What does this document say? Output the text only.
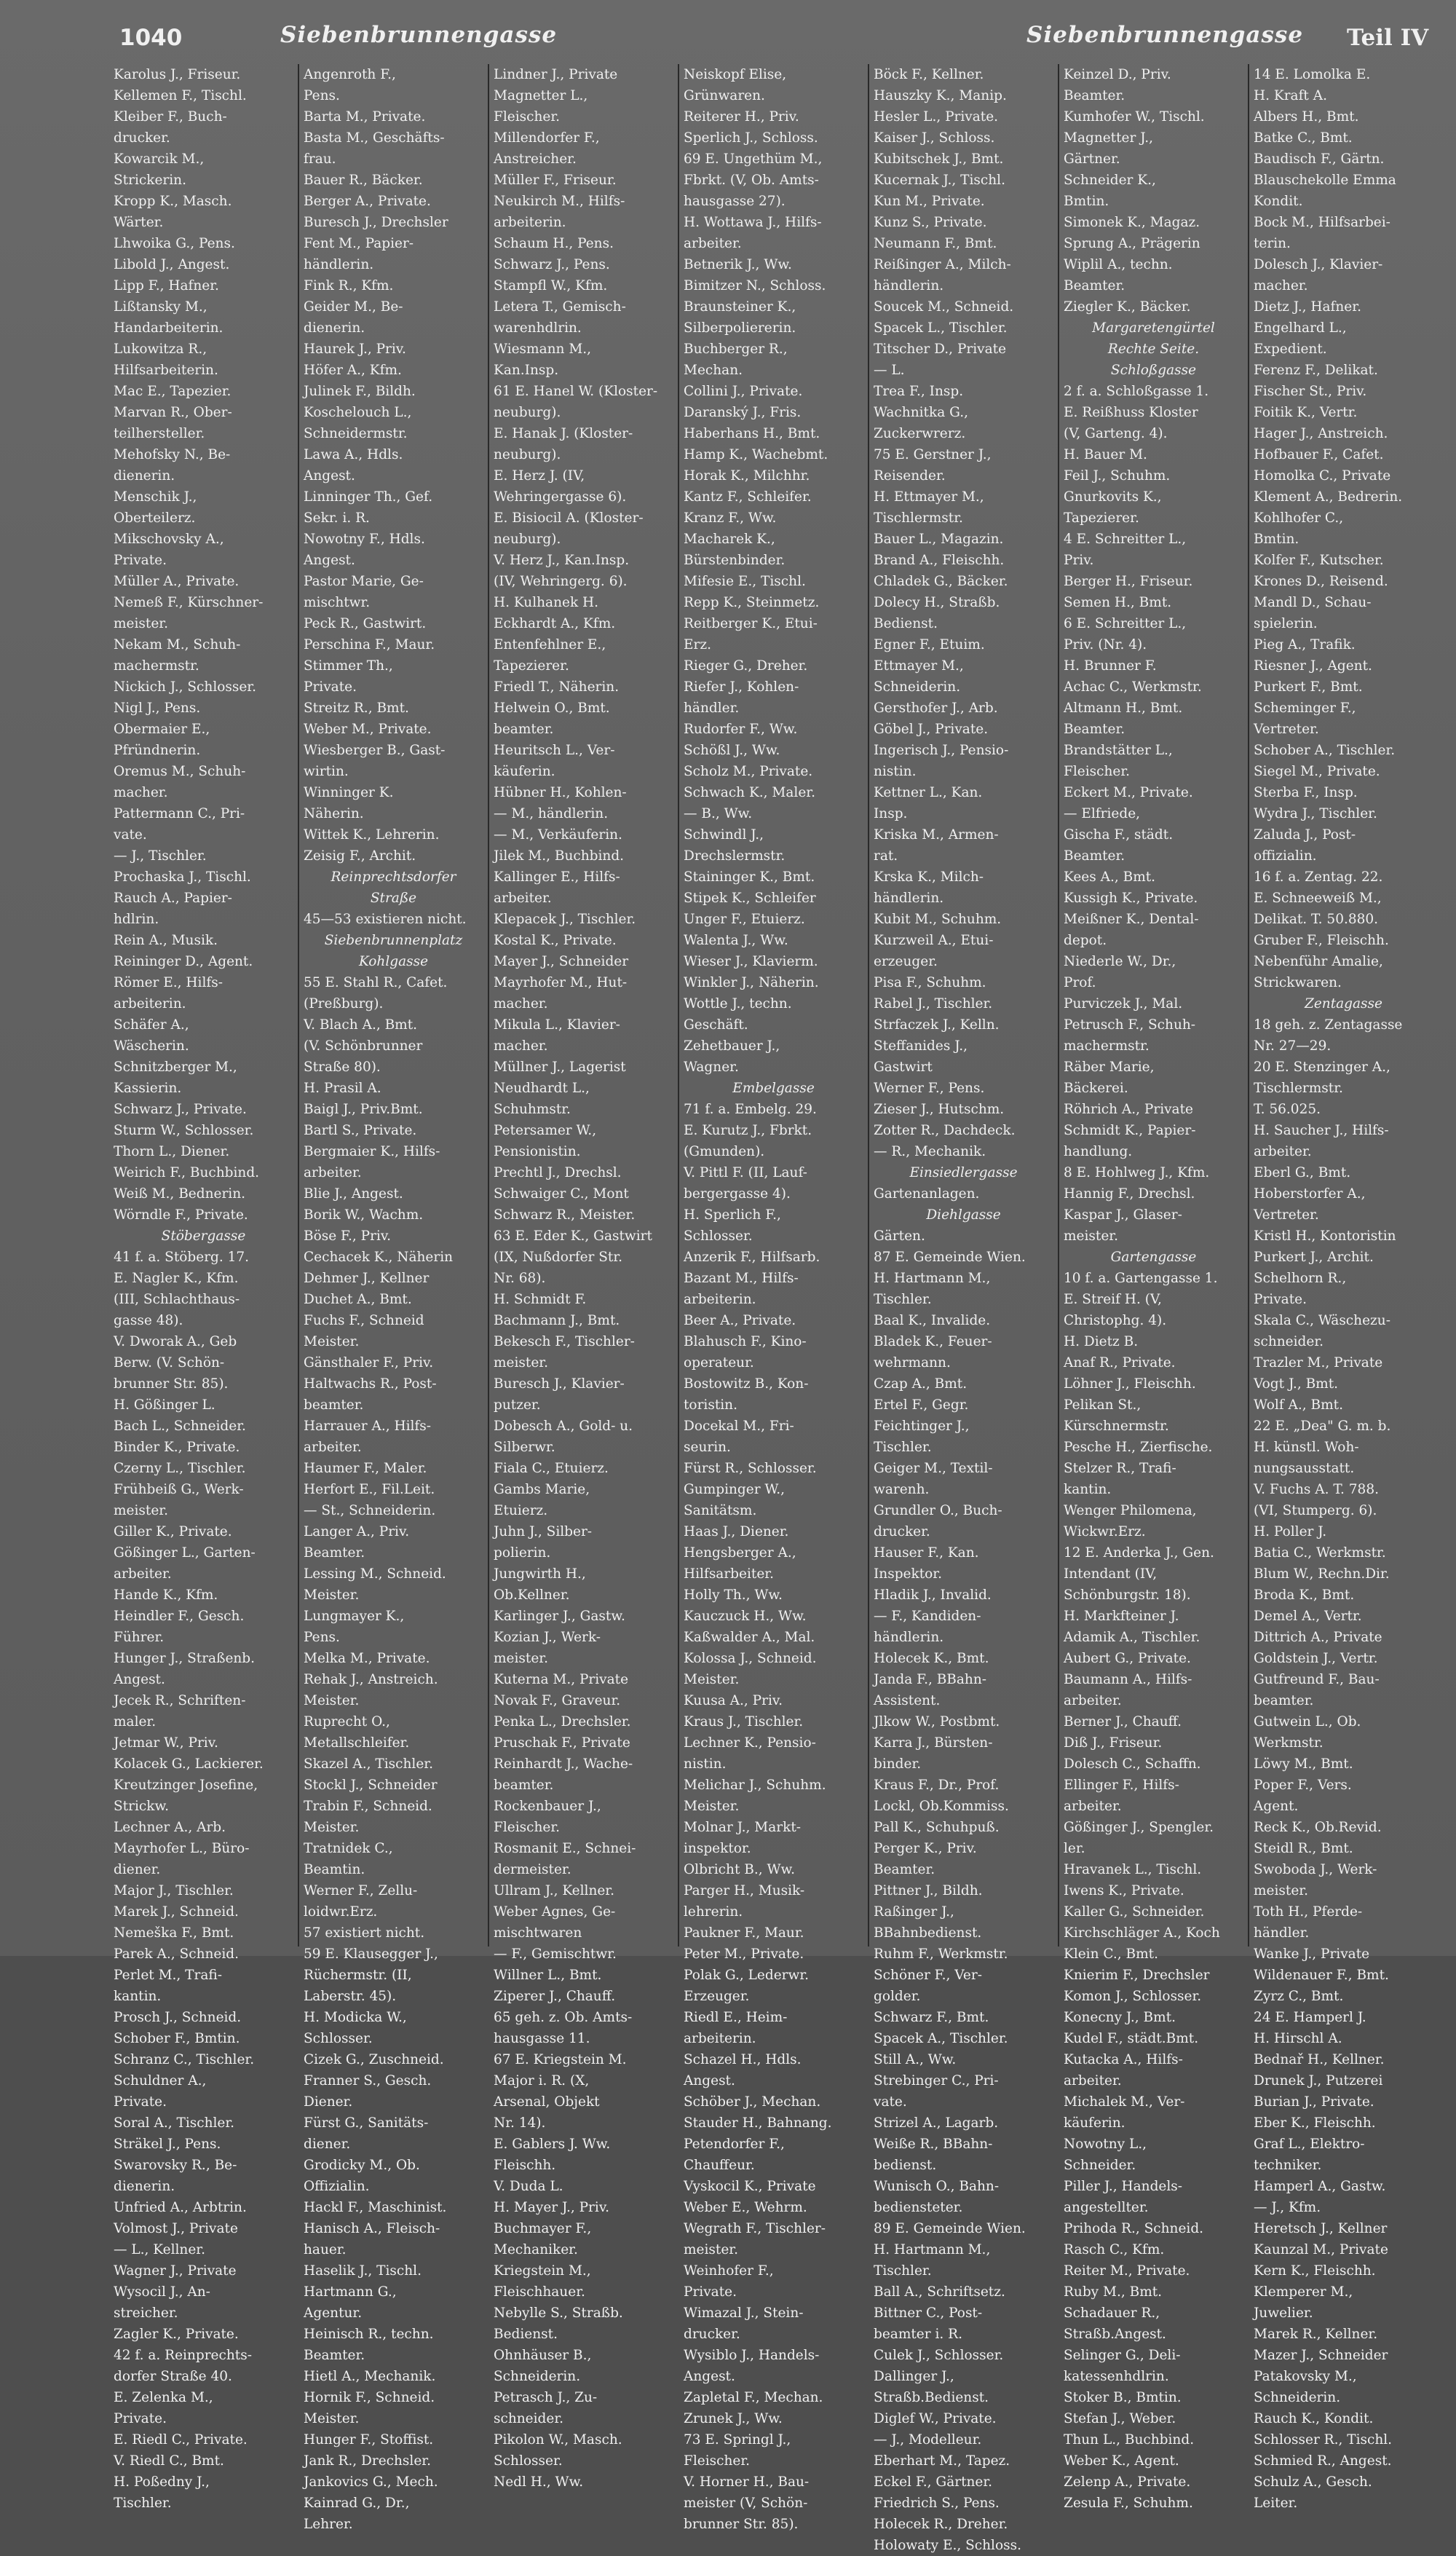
1040	Siebenbrunnengasse	Siebenbrunnengasse Teil IV
Karolus J., Friseur.
Kellemen F., Tischl.
Kleiber F., Buch-
drucker.
Kowarcik M.,
Strickerin.
Kropp K., Masch.
Wärter.
Lhwoika G., Pens.
Libold J., Angest.
Lipp F., Hafner.
Lißtansky M.,
Handarbeiterin.
Lukowitza R.,
Hilfsarbeiterin.
Mac E., Tapezier.
Marvan R., Ober-
teilhersteller.
Mehofsky N., Be-
dienerin.
Menschik J.,
Oberteilerz.
Mikschovsky A.,
Private.
Müller A., Private.
Nemeß F., Kürschner-
meister.
Nekam M., Schuh-
machermstr.
Nickich J., Schlosser.
Nigl J., Pens.
Obermaier E.,
Pfründnerin.
Oremus M., Schuh-
macher.
Pattermann C., Pri-
vate.
— J., Tischler.
Prochaska J., Tischl.
Rauch A., Papier-
hdlrin.
Rein A., Musik.
Reininger D., Agent.
Römer E., Hilfs-
arbeiterin.
Schäfer A.,
Wäscherin.
Schnitzberger M.,
Kassierin.
Schwarz J., Private.
Sturm W., Schlosser.
Thorn L., Diener.
Weirich F., Buchbind.
Weiß M., Bednerin.
Wörndle F., Private.
Stöbergasse
41 f. a. Stöberg. 17.
E. Nagler K., Kfm.
(III, Schlachthaus-
gasse 48).
V. Dworak A., Geb
Berw. (V. Schön-
brunner Str. 85).
H. Gößinger L.
Bach L., Schneider.
Binder K., Private.
Czerny L., Tischler.
Frühbeiß G., Werk-
meister.
Giller K., Private.
Gößinger L., Garten-
arbeiter.
Hande K., Kfm.
Heindler F., Gesch.
Führer.
Hunger J., Straßenb.
Angest.
Jecek R., Schriften-
maler.
Jetmar W., Priv.
Kolacek G., Lackierer.
Kreutzinger Josefine,
Strickw.
Lechner A., Arb.
Mayrhofer L., Büro-
diener.
Major J., Tischler.
Marek J., Schneid.
Nemeška F., Bmt.
Parek A., Schneid.
Perlet M., Trafi-
kantin.
Prosch J., Schneid.
Schober F., Bmtin.
Schranz C., Tischler.
Schuldner A.,
Private.
Soral A., Tischler.
Sträkel J., Pens.
Swarovsky R., Be-
dienerin.
Unfried A., Arbtrin.
Volmost J., Private
— L., Kellner.
Wagner J., Private
Wysocil J., An-
streicher.
Zagler K., Private.
42 f. a. Reinprechts-
dorfer Straße 40.
E. Zelenka M.,
Private.
E. Riedl C., Private.
V. Riedl C., Bmt.
H. Poßedny J.,
Tischler.
Angenroth F.,
Pens.
Barta M., Private.
Basta M., Geschäfts-
frau.
Bauer R., Bäcker.
Berger A., Private.
Buresch J., Drechsler
Fent M., Papier-
händlerin.
Fink R., Kfm.
Geider M., Be-
dienerin.
Haurek J., Priv.
Höfer A., Kfm.
Julinek F., Bildh.
Koschelouch L.,
Schneidermstr.
Lawa A., Hdls.
Angest.
Linninger Th., Gef.
Sekr. i. R.
Nowotny F., Hdls.
Angest.
Pastor Marie, Ge-
mischtwr.
Peck R., Gastwirt.
Perschina F., Maur.
Stimmer Th.,
Private.
Streitz R., Bmt.
Weber M., Private.
Wiesberger B., Gast-
wirtin.
Winninger K.
Näherin.
Wittek K., Lehrerin.
Zeisig F., Archit.
Reinprechtsdorfer
Straße
45—53 existieren nicht.
Siebenbrunnenplatz
Kohlgasse
55 E. Stahl R., Cafet.
(Preßburg).
V. Blach A., Bmt.
(V. Schönbrunner
Straße 80).
H. Prasil A.
Baigl J., Priv.Bmt.
Bartl S., Private.
Bergmaier K., Hilfs-
arbeiter.
Blie J., Angest.
Borik W., Wachm.
Böse F., Priv.
Cechacek K., Näherin
Dehmer J., Kellner
Duchet A., Bmt.
Fuchs F., Schneid
Meister.
Gänsthaler F., Priv.
Haltwachs R., Post-
beamter.
Harrauer A., Hilfs-
arbeiter.
Haumer F., Maler.
Herfort E., Fil.Leit.
— St., Schneiderin.
Langer A., Priv.
Beamter.
Lessing M., Schneid.
Meister.
Lungmayer K.,
Pens.
Melka M., Private.
Rehak J., Anstreich.
Meister.
Ruprecht O.,
Metallschleifer.
Skazel A., Tischler.
Stockl J., Schneider
Trabin F., Schneid.
Meister.
Tratnidek C.,
Beamtin.
Werner F., Zellu-
loidwr.Erz.
57 existiert nicht.
59 E. Klausegger J.,
Rüchermstr. (II,
Laberstr. 45).
H. Modicka W.,
Schlosser.
Cizek G., Zuschneid.
Franner S., Gesch.
Diener.
Fürst G., Sanitäts-
diener.
Grodicky M., Ob.
Offizialin.
Hackl F., Maschinist.
Hanisch A., Fleisch-
hauer.
Haselik J., Tischl.
Hartmann G.,
Agentur.
Heinisch R., techn.
Beamter.
Hietl A., Mechanik.
Hornik F., Schneid.
Meister.
Hunger F., Stoffist.
Jank R., Drechsler.
Jankovics G., Mech.
Kainrad G., Dr.,
Lehrer.
Lindner J., Private
Magnetter L.,
Fleischer.
Millendorfer F.,
Anstreicher.
Müller F., Friseur.
Neukirch M., Hilfs-
arbeiterin.
Schaum H., Pens.
Schwarz J., Pens.
Stampfl W., Kfm.
Letera T., Gemisch-
warenhdlrin.
Wiesmann M.,
Kan.Insp.
61 E. Hanel W. (Kloster-
neuburg).
E. Hanak J. (Kloster-
neuburg).
E. Herz J. (IV,
Wehringergasse 6).
E. Bisiocil A. (Kloster-
neuburg).
V. Herz J., Kan.Insp.
(IV, Wehringerg. 6).
H. Kulhanek H.
Eckhardt A., Kfm.
Entenfehlner E.,
Tapezierer.
Friedl T., Näherin.
Helwein O., Bmt.
beamter.
Heuritsch L., Ver-
käuferin.
Hübner H., Kohlen-
— M., händlerin.
— M., Verkäuferin.
Jilek M., Buchbind.
Kallinger E., Hilfs-
arbeiter.
Klepacek J., Tischler.
Kostal K., Private.
Mayer J., Schneider
Mayrhofer M., Hut-
macher.
Mikula L., Klavier-
macher.
Müllner J., Lagerist
Neudhardt L.,
Schuhmstr.
Petersamer W.,
Pensionistin.
Prechtl J., Drechsl.
Schwaiger C., Mont
Schwarz R., Meister.
63 E. Eder K., Gastwirt
(IX, Nußdorfer Str.
Nr. 68).
H. Schmidt F.
Bachmann J., Bmt.
Bekesch F., Tischler-
meister.
Buresch J., Klavier-
putzer.
Dobesch A., Gold- u.
Silberwr.
Fiala C., Etuierz.
Gambs Marie,
Etuierz.
Juhn J., Silber-
polierin.
Jungwirth H.,
Ob.Kellner.
Karlinger J., Gastw.
Kozian J., Werk-
meister.
Kuterna M., Private
Novak F., Graveur.
Penka L., Drechsler.
Pruschak F., Private
Reinhardt J., Wache-
beamter.
Rockenbauer J.,
Fleischer.
Rosmanit E., Schnei-
dermeister.
Ullram J., Kellner.
Weber Agnes, Ge-
mischtwaren
— F., Gemischtwr.
Willner L., Bmt.
Ziperer J., Chauff.
65 geh. z. Ob. Amts-
hausgasse 11.
67 E. Kriegstein M.
Major i. R. (X,
Arsenal, Objekt
Nr. 14).
E. Gablers J. Ww.
Fleischh.
V. Duda L.
H. Mayer J., Priv.
Buchmayer F.,
Mechaniker.
Kriegstein M.,
Fleischhauer.
Nebylle S., Straßb.
Bedienst.
Ohnhäuser B.,
Schneiderin.
Petrasch J., Zu-
schneider.
Pikolon W., Masch.
Schlosser.
Nedl H., Ww.
Neiskopf Elise,
Grünwaren.
Reiterer H., Priv.
Sperlich J., Schloss.
69 E. Ungethüm M.,
Fbrkt. (V, Ob. Amts-
hausgasse 27).
H. Wottawa J., Hilfs-
arbeiter.
Betnerik J., Ww.
Bimitzer N., Schloss.
Braunsteiner K.,
Silberpoliererin.
Buchberger R.,
Mechan.
Collini J., Private.
Daranský J., Fris.
Haberhans H., Bmt.
Hamp K., Wachebmt.
Horak K., Milchhr.
Kantz F., Schleifer.
Kranz F., Ww.
Macharek K.,
Bürstenbinder.
Mifesie E., Tischl.
Repp K., Steinmetz.
Reitberger K., Etui-
Erz.
Rieger G., Dreher.
Riefer J., Kohlen-
händler.
Rudorfer F., Ww.
Schößl J., Ww.
Scholz M., Private.
Schwach K., Maler.
— B., Ww.
Schwindl J.,
Drechslermstr.
Staininger K., Bmt.
Stipek K., Schleifer
Unger F., Etuierz.
Walenta J., Ww.
Wieser J., Klavierm.
Winkler J., Näherin.
Wottle J., techn.
Geschäft.
Zehetbauer J.,
Wagner.
Embelgasse
71 f. a. Embelg. 29.
E. Kurutz J., Fbrkt.
(Gmunden).
V. Pittl F. (II, Lauf-
bergergasse 4).
H. Sperlich F.,
Schlosser.
Anzerik F., Hilfsarb.
Bazant M., Hilfs-
arbeiterin.
Beer A., Private.
Blahusch F., Kino-
operateur.
Bostowitz B., Kon-
toristin.
Docekal M., Fri-
seurin.
Fürst R., Schlosser.
Gumpinger W.,
Sanitätsm.
Haas J., Diener.
Hengsberger A.,
Hilfsarbeiter.
Holly Th., Ww.
Kauczuck H., Ww.
Kaßwalder A., Mal.
Kolossa J., Schneid.
Meister.
Kuusa A., Priv.
Kraus J., Tischler.
Lechner K., Pensio-
nistin.
Melichar J., Schuhm.
Meister.
Molnar J., Markt-
inspektor.
Olbricht B., Ww.
Parger H., Musik-
lehrerin.
Paukner F., Maur.
Peter M., Private.
Polak G., Lederwr.
Erzeuger.
Riedl E., Heim-
arbeiterin.
Schazel H., Hdls.
Angest.
Schöber J., Mechan.
Stauder H., Bahnang.
Petendorfer F.,
Chauffeur.
Vyskocil K., Private
Weber E., Wehrm.
Wegrath F., Tischler-
meister.
Weinhofer F.,
Private.
Wimazal J., Stein-
drucker.
Wysiblo J., Handels-
Angest.
Zapletal F., Mechan.
Zrunek J., Ww.
73 E. Springl J.,
Fleischer.
V. Horner H., Bau-
meister (V, Schön-
brunner Str. 85).
Böck F., Kellner.
Hauszky K., Manip.
Hesler L., Private.
Kaiser J., Schloss.
Kubitschek J., Bmt.
Kucernak J., Tischl.
Kun M., Private.
Kunz S., Private.
Neumann F., Bmt.
Reißinger A., Milch-
händlerin.
Soucek M., Schneid.
Spacek L., Tischler.
Titscher D., Private
— L.
Trea F., Insp.
Wachnitka G.,
Zuckerwrerz.
75 E. Gerstner J.,
Reisender.
H. Ettmayer M.,
Tischlermstr.
Bauer L., Magazin.
Brand A., Fleischh.
Chladek G., Bäcker.
Dolecy H., Straßb.
Bedienst.
Egner F., Etuim.
Ettmayer M.,
Schneiderin.
Gersthofer J., Arb.
Göbel J., Private.
Ingerisch J., Pensio-
nistin.
Kettner L., Kan.
Insp.
Kriska M., Armen-
rat.
Krska K., Milch-
händlerin.
Kubit M., Schuhm.
Kurzweil A., Etui-
erzeuger.
Pisa F., Schuhm.
Rabel J., Tischler.
Strfaczek J., Kelln.
Steffanides J.,
Gastwirt
Werner F., Pens.
Zieser J., Hutschm.
Zotter R., Dachdeck.
— R., Mechanik.
Einsiedlergasse
Gartenanlagen.
Diehlgasse
Gärten.
87 E. Gemeinde Wien.
H. Hartmann M.,
Tischler.
Baal K., Invalide.
Bladek K., Feuer-
wehrmann.
Czap A., Bmt.
Ertel F., Gegr.
Feichtinger J.,
Tischler.
Geiger M., Textil-
warenh.
Grundler O., Buch-
drucker.
Hauser F., Kan.
Inspektor.
Hladik J., Invalid.
— F., Kandiden-
händlerin.
Holecek K., Bmt.
Janda F., BBahn-
Assistent.
Jlkow W., Postbmt.
Karra J., Bürsten-
binder.
Kraus F., Dr., Prof.
Lockl, Ob.Kommiss.
Pall K., Schuhpuß.
Perger K., Priv.
Beamter.
Pittner J., Bildh.
Raßinger J.,
BBahnbedienst.
Ruhm F., Werkmstr.
Schöner F., Ver-
golder.
Schwarz F., Bmt.
Spacek A., Tischler.
Still A., Ww.
Strebinger C., Pri-
vate.
Strizel A., Lagarb.
Weiße R., BBahn-
bedienst.
Wunisch O., Bahn-
bediensteter.
89 E. Gemeinde Wien.
H. Hartmann M.,
Tischler.
Ball A., Schriftsetz.
Bittner C., Post-
beamter i. R.
Culek J., Schlosser.
Dallinger J.,
Straßb.Bedienst.
Diglef W., Private.
— J., Modelleur.
Eberhart M., Tapez.
Eckel F., Gärtner.
Friedrich S., Pens.
Holecek R., Dreher.
Holowaty E., Schloss.
Keinzel D., Priv.
Beamter.
Kumhofer W., Tischl.
Magnetter J.,
Gärtner.
Schneider K.,
Bmtin.
Simonek K., Magaz.
Sprung A., Prägerin
Wiplil A., techn.
Beamter.
Ziegler K., Bäcker.
Margaretengürtel
Rechte Seite.
Schloßgasse
2 f. a. Schloßgasse 1.
E. Reißhuss Kloster
(V, Garteng. 4).
H. Bauer M.
Feil J., Schuhm.
Gnurkovits K.,
Tapezierer.
4 E. Schreitter L.,
Priv.
Berger H., Friseur.
Semen H., Bmt.
6 E. Schreitter L.,
Priv. (Nr. 4).
H. Brunner F.
Achac C., Werkmstr.
Altmann H., Bmt.
Beamter.
Brandstätter L.,
Fleischer.
Eckert M., Private.
— Elfriede,
Gischa F., städt.
Beamter.
Kees A., Bmt.
Kussigh K., Private.
Meißner K., Dental-
depot.
Niederle W., Dr.,
Prof.
Purviczek J., Mal.
Petrusch F., Schuh-
machermstr.
Räber Marie,
Bäckerei.
Röhrich A., Private
Schmidt K., Papier-
handlung.
8 E. Hohlweg J., Kfm.
Hannig F., Drechsl.
Kaspar J., Glaser-
meister.
Gartengasse
10 f. a. Gartengasse 1.
E. Streif H. (V,
Christophg. 4).
H. Dietz B.
Anaf R., Private.
Löhner J., Fleischh.
Pelikan St.,
Kürschnermstr.
Pesche H., Zierfische.
Stelzer R., Trafi-
kantin.
Wenger Philomena,
Wickwr.Erz.
12 E. Anderka J., Gen.
Intendant (IV,
Schönburgstr. 18).
H. Markfteiner J.
Adamik A., Tischler.
Aubert G., Private.
Baumann A., Hilfs-
arbeiter.
Berner J., Chauff.
Diß J., Friseur.
Dolesch C., Schaffn.
Ellinger F., Hilfs-
arbeiter.
Gößinger J., Spengler.
ler.
Hravanek L., Tischl.
Iwens K., Private.
Kaller G., Schneider.
Kirchschläger A., Koch
Klein C., Bmt.
Knierim F., Drechsler
Komon J., Schlosser.
Konecny J., Bmt.
Kudel F., städt.Bmt.
Kutacka A., Hilfs-
arbeiter.
Michalek M., Ver-
käuferin.
Nowotny L.,
Schneider.
Piller J., Handels-
angestellter.
Prihoda R., Schneid.
Rasch C., Kfm.
Reiter M., Private.
Ruby M., Bmt.
Schadauer R.,
Straßb.Angest.
Selinger G., Deli-
katessenhdlrin.
Stoker B., Bmtin.
Stefan J., Weber.
Thun L., Buchbind.
Weber K., Agent.
Zelenp A., Private.
Zesula F., Schuhm.
14 E. Lomolka E.
H. Kraft A.
Albers H., Bmt.
Batke C., Bmt.
Baudisch F., Gärtn.
Blauschekolle Emma
Kondit.
Bock M., Hilfsarbei-
terin.
Dolesch J., Klavier-
macher.
Dietz J., Hafner.
Engelhard L.,
Expedient.
Ferenz F., Delikat.
Fischer St., Priv.
Foitik K., Vertr.
Hager J., Anstreich.
Hofbauer F., Cafet.
Homolka C., Private
Klement A., Bedrerin.
Kohlhofer C.,
Bmtin.
Kolfer F., Kutscher.
Krones D., Reisend.
Mandl D., Schau-
spielerin.
Pieg A., Trafik.
Riesner J., Agent.
Purkert F., Bmt.
Scheminger F.,
Vertreter.
Schober A., Tischler.
Siegel M., Private.
Sterba F., Insp.
Wydra J., Tischler.
Zaluda J., Post-
offizialin.
16 f. a. Zentag. 22.
E. Schneeweiß M.,
Delikat. T. 50.880.
Gruber F., Fleischh.
Nebenführ Amalie,
Strickwaren.
Zentagasse
18 geh. z. Zentagasse
Nr. 27—29.
20 E. Stenzinger A.,
Tischlermstr.
T. 56.025.
H. Saucher J., Hilfs-
arbeiter.
Eberl G., Bmt.
Hoberstorfer A.,
Vertreter.
Kristl H., Kontoristin
Purkert J., Archit.
Schelhorn R.,
Private.
Skala C., Wäschezu-
schneider.
Trazler M., Private
Vogt J., Bmt.
Wolf A., Bmt.
22 E. „Dea" G. m. b.
H. künstl. Woh-
nungsausstatt.
V. Fuchs A. T. 788.
(VI, Stumperg. 6).
H. Poller J.
Batia C., Werkmstr.
Blum W., Rechn.Dir.
Broda K., Bmt.
Demel A., Vertr.
Dittrich A., Private
Goldstein J., Vertr.
Gutfreund F., Bau-
beamter.
Gutwein L., Ob.
Werkmstr.
Löwy M., Bmt.
Poper F., Vers.
Agent.
Reck K., Ob.Revid.
Steidl R., Bmt.
Swoboda J., Werk-
meister.
Toth H., Pferde-
händler.
Wanke J., Private
Wildenauer F., Bmt.
Zyrz C., Bmt.
24 E. Hamperl J.
H. Hirschl A.
Bednař H., Kellner.
Drunek J., Putzerei
Burian J., Private.
Eber K., Fleischh.
Graf L., Elektro-
techniker.
Hamperl A., Gastw.
— J., Kfm.
Heretsch J., Kellner
Kaunzal M., Private
Kern K., Fleischh.
Klemperer M.,
Juwelier.
Marek R., Kellner.
Mazer J., Schneider
Patakovsky M.,
Schneiderin.
Rauch K., Kondit.
Schlosser R., Tischl.
Schmied R., Angest.
Schulz A., Gesch.
Leiter.
